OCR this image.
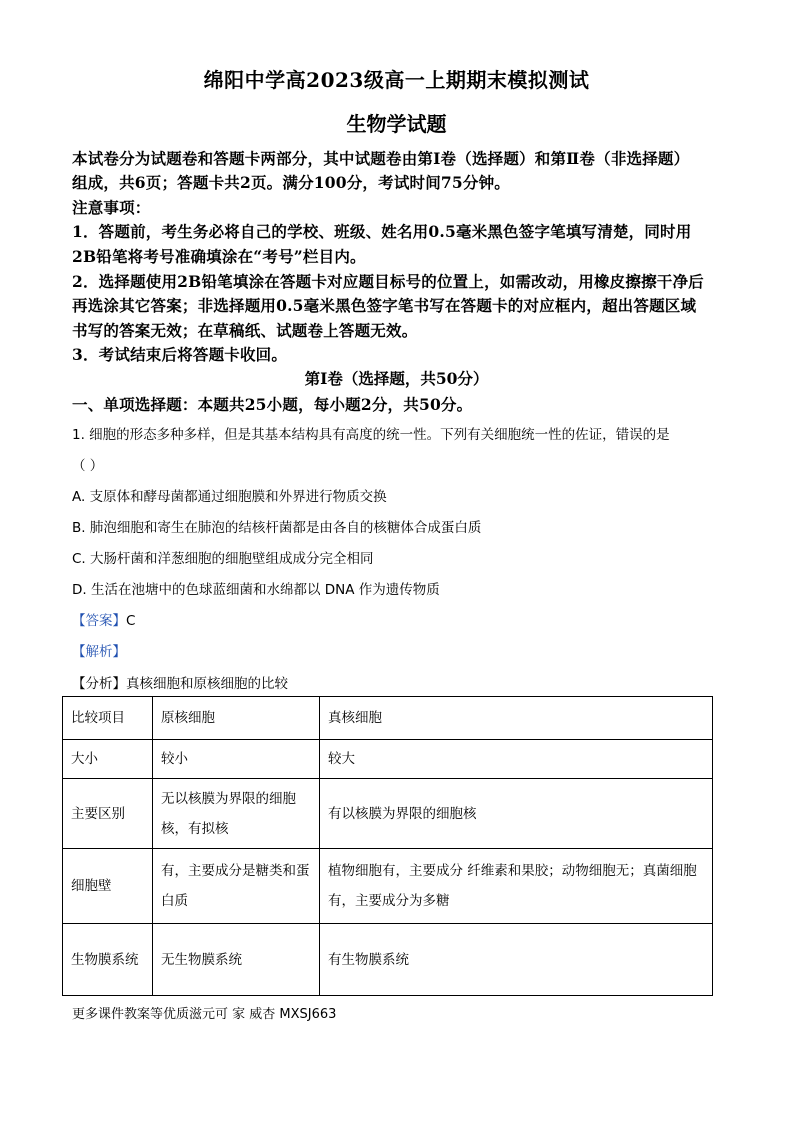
绵阳中学高2023级高一上期期末模拟测试
生物学试题
本试卷分为试题卷和答题卡两部分，其中试题卷由第Ⅰ卷（选择题）和第Ⅱ卷（非选择题）
组成，共6页；答题卡共2页。满分100分，考试时间75分钟。
注意事项：
1．答题前，考生务必将自己的学校、班级、姓名用0.5毫米黑色签字笔填写清楚，同时用
2B铅笔将考号准确填涂在“考号”栏目内。
2．选择题使用2B铅笔填涂在答题卡对应题目标号的位置上，如需改动，用橡皮擦擦干净后
再选涂其它答案；非选择题用0.5毫米黑色签字笔书写在答题卡的对应框内，超出答题区域
书写的答案无效；在草稿纸、试题卷上答题无效。
3．考试结束后将答题卡收回。
第Ⅰ卷（选择题，共50分）
一、单项选择题：本题共25小题，每小题2分，共50分。
1. 细胞的形态多种多样，但是其基本结构具有高度的统一性。下列有关细胞统一性的佐证，错误的是
（ ）
A. 支原体和酵母菌都通过细胞膜和外界进行物质交换
B. 肺泡细胞和寄生在肺泡的结核杆菌都是由各自的核糖体合成蛋白质
C. 大肠杆菌和洋葱细胞的细胞壁组成成分完全相同
D. 生活在池塘中的色球蓝细菌和水绵都以 DNA 作为遗传物质
【答案】C
【解析】
【分析】真核细胞和原核细胞的比较
比较项目	原核细胞	真核细胞
大小	较小	较大
主要区别	无以核膜为界限的细胞核，有拟核	有以核膜为界限的细胞核
细胞壁	有，主要成分是糖类和蛋白质	植物细胞有，主要成分 纤维素和果胶；动物细胞无；真菌细胞有，主要成分为多糖
生物膜系统	无生物膜系统	有生物膜系统
更多课件教案等优质滋元可 家 威杏 MXSJ663
